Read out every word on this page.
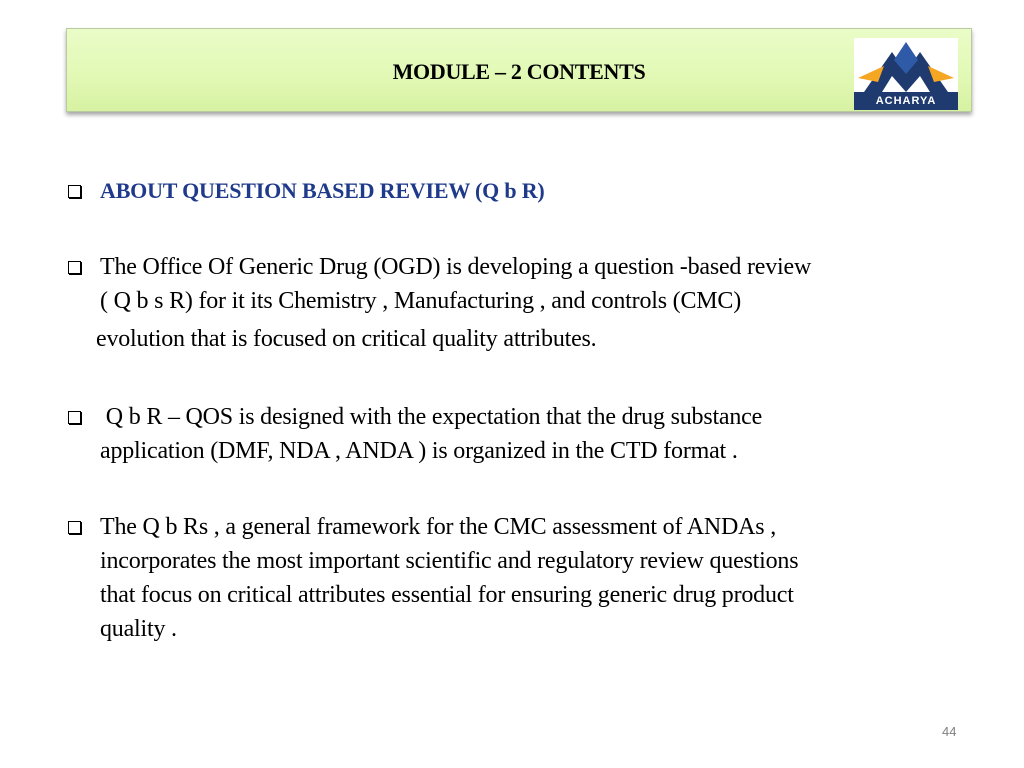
MODULE – 2 CONTENTS
ACHARYA
ABOUT QUESTION BASED REVIEW (Q b R)
The Office Of Generic Drug (OGD) is developing a question -based review
( Q b s R) for it its Chemistry , Manufacturing , and controls (CMC)
evolution that is focused on critical quality attributes.
Q b R – QOS is designed with the expectation that the drug substance
application (DMF, NDA , ANDA ) is organized in the CTD format .
The Q b Rs , a general framework for the CMC assessment of ANDAs ,
incorporates the most important scientific and regulatory review questions
that focus on critical attributes essential for ensuring generic drug product
quality .
44
